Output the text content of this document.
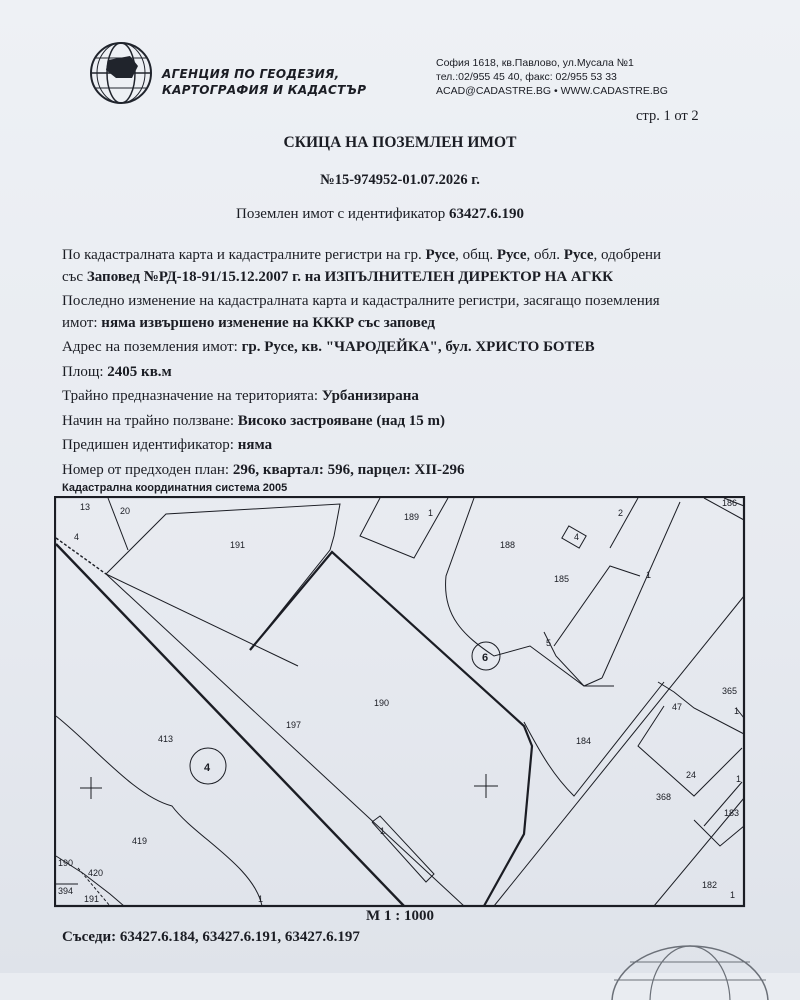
АГЕНЦИЯ ПО ГЕОДЕЗИЯ,
КАРТОГРАФИЯ И КАДАСТЪР
София 1618, кв.Павлово, ул.Мусала №1
тел.:02/955 45 40, факс: 02/955 53 33
ACAD@CADASTRE.BG • WWW.CADASTRE.BG
стр. 1 от 2
СКИЦА НА ПОЗЕМЛЕН ИМОТ
№15-974952-01.07.2026 г.
Поземлен имот с идентификатор 63427.6.190
По кадастралната карта и кадастралните регистри на гр. Русе, общ. Русе, обл. Русе, одобрени
със Заповед №РД-18-91/15.12.2007 г. на ИЗПЪЛНИТЕЛЕН ДИРЕКТОР НА АГКК
Последно изменение на кадастралната карта и кадастралните регистри, засягащо поземления
имот: няма извършено изменение на КККР със заповед
Адрес на поземления имот: гр. Русе, кв. "ЧАРОДЕЙКА", бул. ХРИСТО БОТЕВ
Площ: 2405 кв.м
Трайно предназначение на територията: Урбанизирана
Начин на трайно ползване: Високо застрояване (над 15 m)
Предишен идентификатор: няма
Номер от предходен план: 296, квартал: 596, парцел: ХІІ-296
Кадастрална координатния система 2005
13	20
4
191
189 1
188
4
2
185	1
186
5
6
190
197
47
365
1
413
4
184
24	1
368
183
1
419
190
420
394
191	1
182
1
М 1 : 1000
Съседи: 63427.6.184, 63427.6.191, 63427.6.197
